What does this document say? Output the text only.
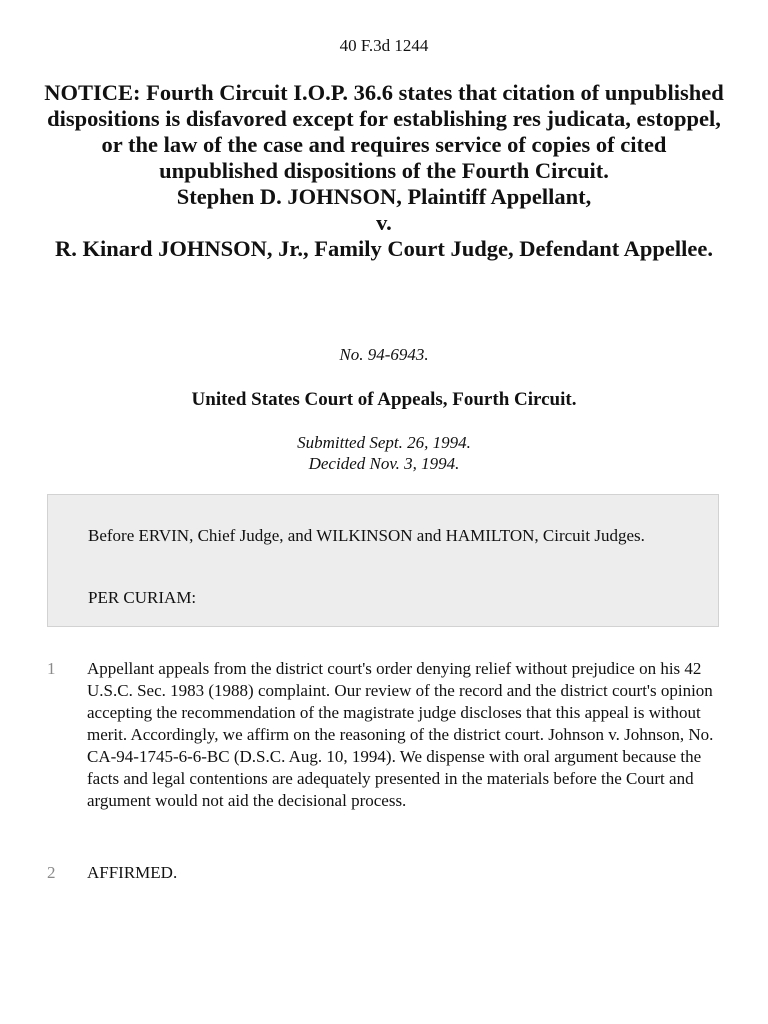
40 F.3d 1244
NOTICE: Fourth Circuit I.O.P. 36.6 states that citation of unpublished dispositions is disfavored except for establishing res judicata, estoppel, or the law of the case and requires service of copies of cited unpublished dispositions of the Fourth Circuit.
Stephen D. JOHNSON, Plaintiff Appellant,
v.
R. Kinard JOHNSON, Jr., Family Court Judge, Defendant Appellee.
No. 94-6943.
United States Court of Appeals, Fourth Circuit.
Submitted Sept. 26, 1994.
Decided Nov. 3, 1994.
Before ERVIN, Chief Judge, and WILKINSON and HAMILTON, Circuit Judges.
PER CURIAM:
1 Appellant appeals from the district court's order denying relief without prejudice on his 42 U.S.C. Sec. 1983 (1988) complaint. Our review of the record and the district court's opinion accepting the recommendation of the magistrate judge discloses that this appeal is without merit. Accordingly, we affirm on the reasoning of the district court. Johnson v. Johnson, No. CA-94-1745-6-6-BC (D.S.C. Aug. 10, 1994). We dispense with oral argument because the facts and legal contentions are adequately presented in the materials before the Court and argument would not aid the decisional process.
2 AFFIRMED.
